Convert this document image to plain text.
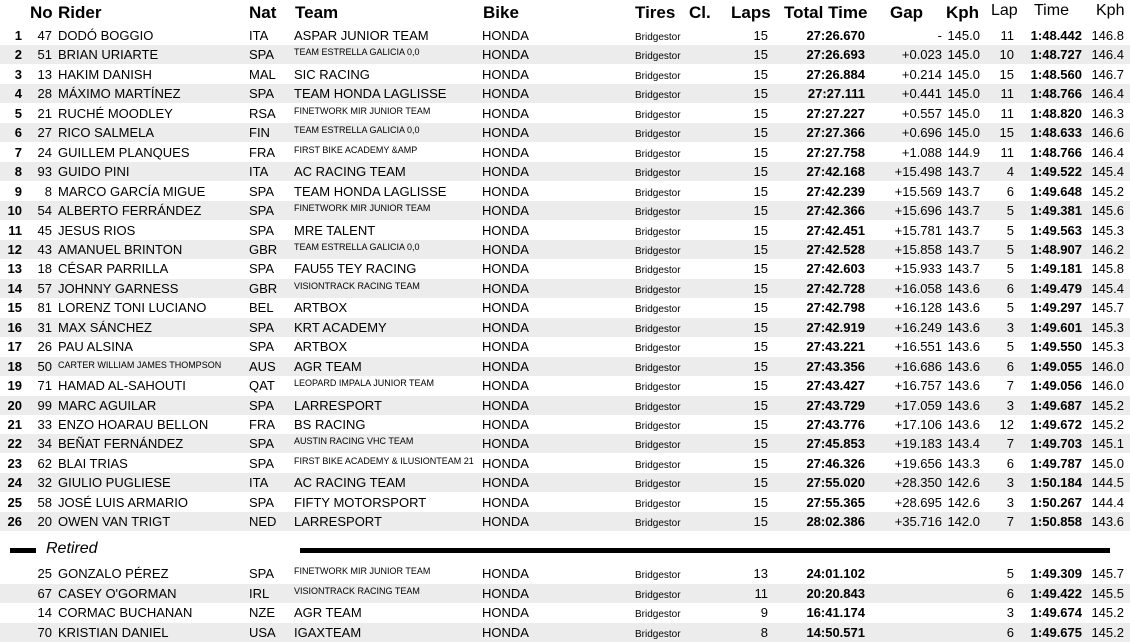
No Rider	Nat Team	Bike	Tires Cl. Laps Total Time Gap Kph Lap Time Kph
1	47 DODÓ BOGGIO	ITA ASPAR JUNIOR TEAM	HONDA	Bridgestor	15	27:26.670	- 145.0	11	1:48.442 146.8
2	51 BRIAN URIARTE	SPA TEAM ESTRELLA GALICIA 0,0	HONDA	Bridgestor	15	27:26.693	+0.023 145.0	10	1:48.727 146.4
3	13 HAKIM DANISH	MAL SIC RACING	HONDA	Bridgestor	15	27:26.884	+0.214 145.0	15	1:48.560 146.7
4	28 MÁXIMO MARTÍNEZ	SPA TEAM HONDA LAGLISSE	HONDA	Bridgestor	15	27:27.111	+0.441 145.0	11	1:48.766 146.4
5	21 RUCHÉ MOODLEY	RSA FINETWORK MIR JUNIOR TEAM	HONDA	Bridgestor	15	27:27.227	+0.557 145.0	11	1:48.820 146.3
6	27 RICO SALMELA	FIN	TEAM ESTRELLA GALICIA 0,0	HONDA	Bridgestor	15	27:27.366	+0.696 145.0	15	1:48.633 146.6
7	24 GUILLEM PLANQUES	FRA FIRST BIKE ACADEMY &AMP	HONDA	Bridgestor	15	27:27.758	+1.088 144.9	11	1:48.766 146.4
8	93 GUIDO PINI	ITA AC RACING TEAM	HONDA	Bridgestor	15	27:42.168	+15.498 143.7	4	1:49.522 145.4
9	8 MARCO GARCÍA MIGUE	SPA TEAM HONDA LAGLISSE	HONDA	Bridgestor	15	27:42.239	+15.569 143.7	6	1:49.648 145.2
10	54 ALBERTO FERRÁNDEZ	SPA FINETWORK MIR JUNIOR TEAM	HONDA	Bridgestor	15	27:42.366	+15.696 143.7	5	1:49.381 145.6
11	45 JESUS RIOS	SPA MRE TALENT	HONDA	Bridgestor	15	27:42.451	+15.781 143.7	5	1:49.563 145.3
12	43 AMANUEL BRINTON	GBR TEAM ESTRELLA GALICIA 0,0	HONDA	Bridgestor	15	27:42.528	+15.858 143.7	5	1:48.907 146.2
13	18 CÉSAR PARRILLA	SPA FAU55 TEY RACING	HONDA	Bridgestor	15	27:42.603	+15.933 143.7	5	1:49.181 145.8
14	57 JOHNNY GARNESS	GBR VISIONTRACK RACING TEAM	HONDA	Bridgestor	15	27:42.728	+16.058 143.6	6	1:49.479 145.4
15	81 LORENZ TONI LUCIANO	BEL ARTBOX	HONDA	Bridgestor	15	27:42.798	+16.128 143.6	5	1:49.297 145.7
16	31 MAX SÁNCHEZ	SPA KRT ACADEMY	HONDA	Bridgestor	15	27:42.919	+16.249 143.6	3	1:49.601 145.3
17	26 PAU ALSINA	SPA ARTBOX	HONDA	Bridgestor	15	27:43.221	+16.551 143.6	5	1:49.550 145.3
18	50 CARTER WILLIAM JAMES THOMPSON AUS AGR TEAM	HONDA	Bridgestor	15	27:43.356	+16.686 143.6	6	1:49.055 146.0
19	71 HAMAD AL-SAHOUTI	QAT LEOPARD IMPALA JUNIOR TEAM	HONDA	Bridgestor	15	27:43.427	+16.757 143.6	7	1:49.056 146.0
20	99 MARC AGUILAR	SPA LARRESPORT	HONDA	Bridgestor	15	27:43.729	+17.059 143.6	3	1:49.687 145.2
21	33 ENZO HOARAU BELLON	FRA BS RACING	HONDA	Bridgestor	15	27:43.776	+17.106 143.6	12	1:49.672 145.2
22	34 BEÑAT FERNÁNDEZ	SPA AUSTIN RACING VHC TEAM	HONDA	Bridgestor	15	27:45.853	+19.183 143.4	7	1:49.703 145.1
23	62 BLAI TRIAS	SPA FIRST BIKE ACADEMY & ILUSIONTEAM 21 HONDA	Bridgestor	15	27:46.326	+19.656 143.3	6	1:49.787 145.0
24	32 GIULIO PUGLIESE	ITA AC RACING TEAM	HONDA	Bridgestor	15	27:55.020	+28.350 142.6	3	1:50.184 144.5
25	58 JOSÉ LUIS ARMARIO	SPA FIFTY MOTORSPORT	HONDA	Bridgestor	15	27:55.365	+28.695 142.6	3	1:50.267 144.4
26	20 OWEN VAN TRIGT	NED LARRESPORT	HONDA	Bridgestor	15	28:02.386	+35.716 142.0	7	1:50.858 143.6
Retired
25 GONZALO PÉREZ	SPA FINETWORK MIR JUNIOR TEAM	HONDA	Bridgestor	13	24:01.102	5	1:49.309 145.7
67 CASEY O'GORMAN	IRL	VISIONTRACK RACING TEAM	HONDA	Bridgestor	11	20:20.843	6	1:49.422 145.5
14 CORMAC BUCHANAN	NZE AGR TEAM	HONDA	Bridgestor	9	16:41.174	3	1:49.674 145.2
70 KRISTIAN DANIEL	USA IGAXTEAM	HONDA	Bridgestor	8	14:50.571	6	1:49.675 145.2
